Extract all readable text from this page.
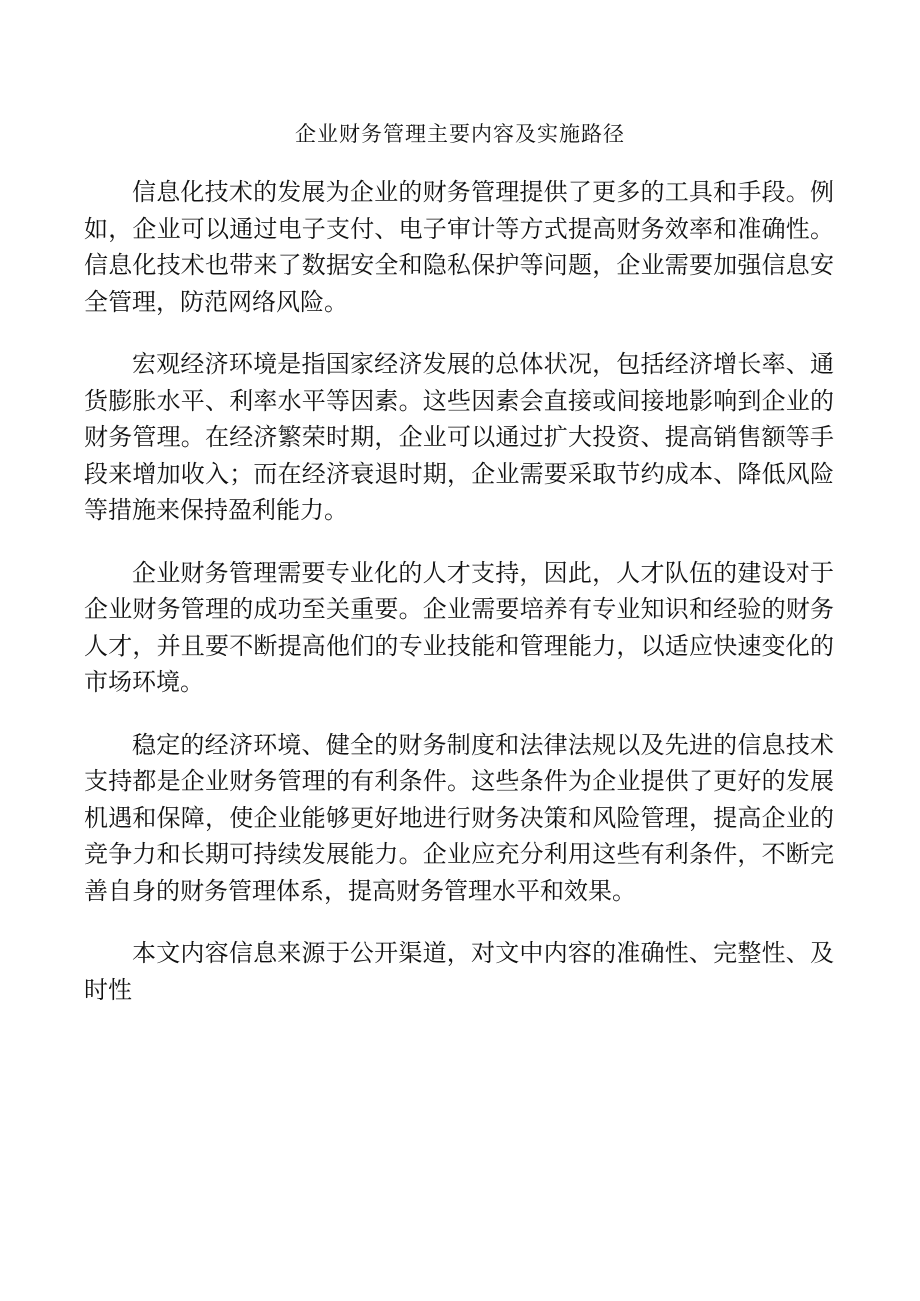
企业财务管理主要内容及实施路径

信息化技术的发展为企业的财务管理提供了更多的工具和手段。例如，企业可以通过电子支付、电子审计等方式提高财务效率和准确性。信息化技术也带来了数据安全和隐私保护等问题，企业需要加强信息安全管理，防范网络风险。

宏观经济环境是指国家经济发展的总体状况，包括经济增长率、通货膨胀水平、利率水平等因素。这些因素会直接或间接地影响到企业的财务管理。在经济繁荣时期，企业可以通过扩大投资、提高销售额等手段来增加收入；而在经济衰退时期，企业需要采取节约成本、降低风险等措施来保持盈利能力。

企业财务管理需要专业化的人才支持，因此，人才队伍的建设对于企业财务管理的成功至关重要。企业需要培养有专业知识和经验的财务人才，并且要不断提高他们的专业技能和管理能力，以适应快速变化的市场环境。

稳定的经济环境、健全的财务制度和法律法规以及先进的信息技术支持都是企业财务管理的有利条件。这些条件为企业提供了更好的发展机遇和保障，使企业能够更好地进行财务决策和风险管理，提高企业的竞争力和长期可持续发展能力。企业应充分利用这些有利条件，不断完善自身的财务管理体系，提高财务管理水平和效果。

本文内容信息来源于公开渠道，对文中内容的准确性、完整性、及时性
